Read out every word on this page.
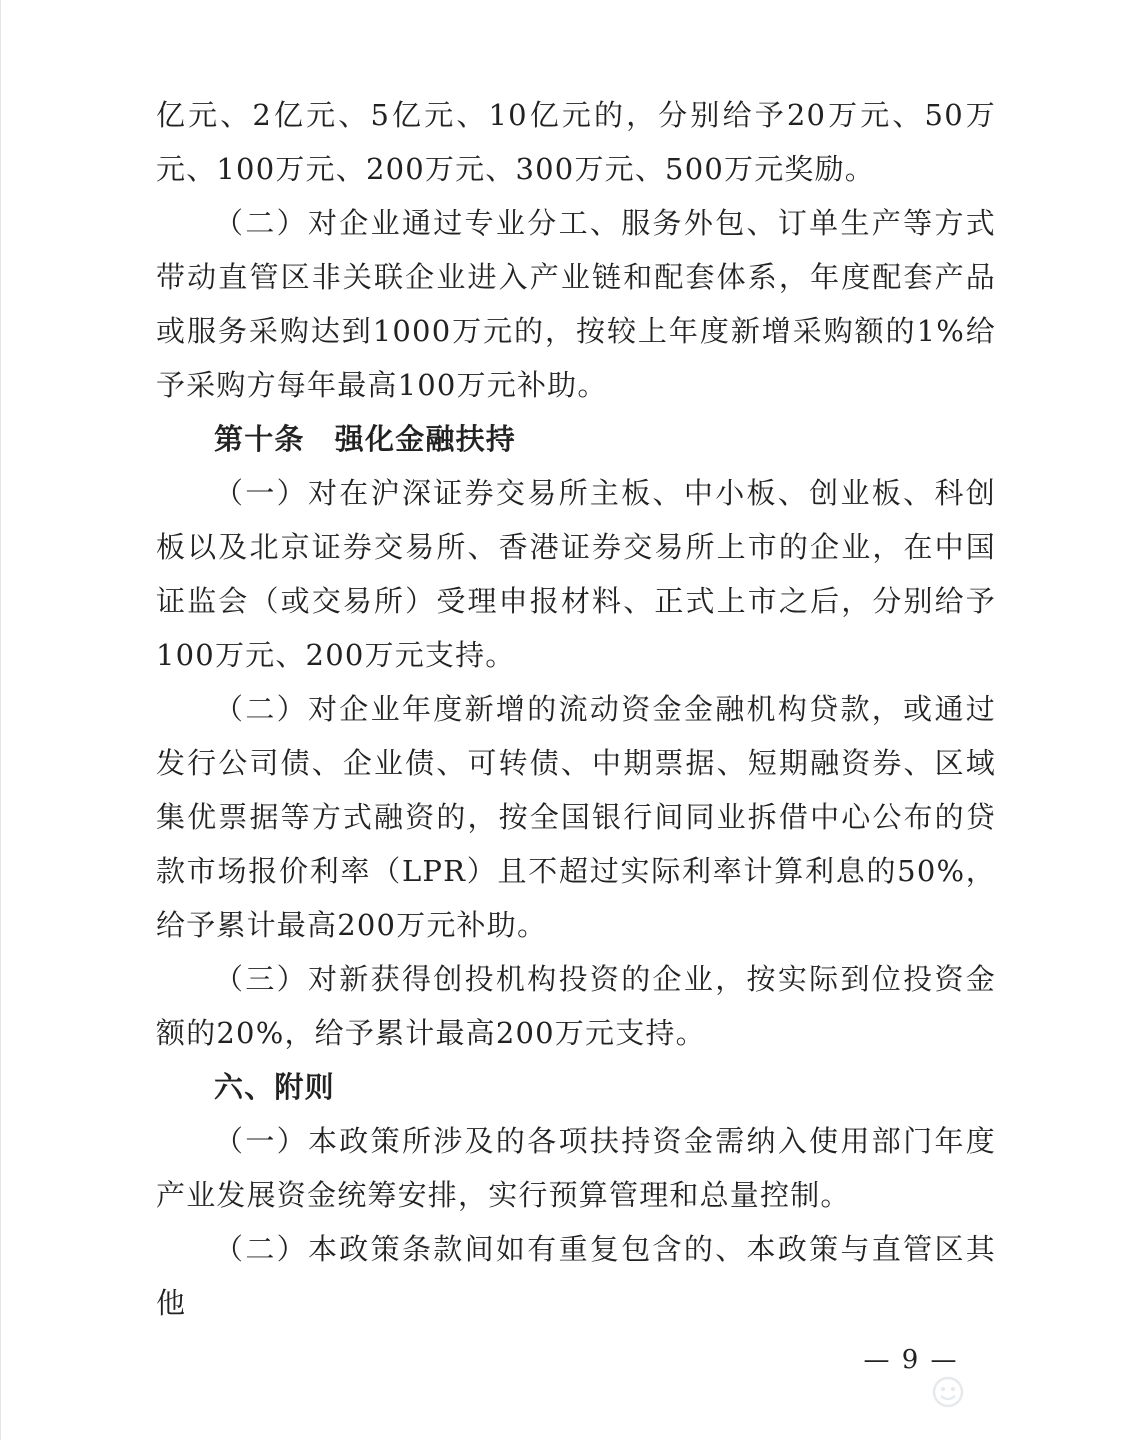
亿元、2亿元、5亿元、10亿元的，分别给予20万元、50万元、100万元、200万元、300万元、500万元奖励。

（二）对企业通过专业分工、服务外包、订单生产等方式带动直管区非关联企业进入产业链和配套体系，年度配套产品或服务采购达到1000万元的，按较上年度新增采购额的1%给予采购方每年最高100万元补助。

第十条　强化金融扶持

（一）对在沪深证券交易所主板、中小板、创业板、科创板以及北京证券交易所、香港证券交易所上市的企业，在中国证监会（或交易所）受理申报材料、正式上市之后，分别给予100万元、200万元支持。

（二）对企业年度新增的流动资金金融机构贷款，或通过发行公司债、企业债、可转债、中期票据、短期融资券、区域集优票据等方式融资的，按全国银行间同业拆借中心公布的贷款市场报价利率（LPR）且不超过实际利率计算利息的50%，给予累计最高200万元补助。

（三）对新获得创投机构投资的企业，按实际到位投资金额的20%，给予累计最高200万元支持。

六、附则

（一）本政策所涉及的各项扶持资金需纳入使用部门年度产业发展资金统筹安排，实行预算管理和总量控制。

（二）本政策条款间如有重复包含的、本政策与直管区其他

— 9 —
